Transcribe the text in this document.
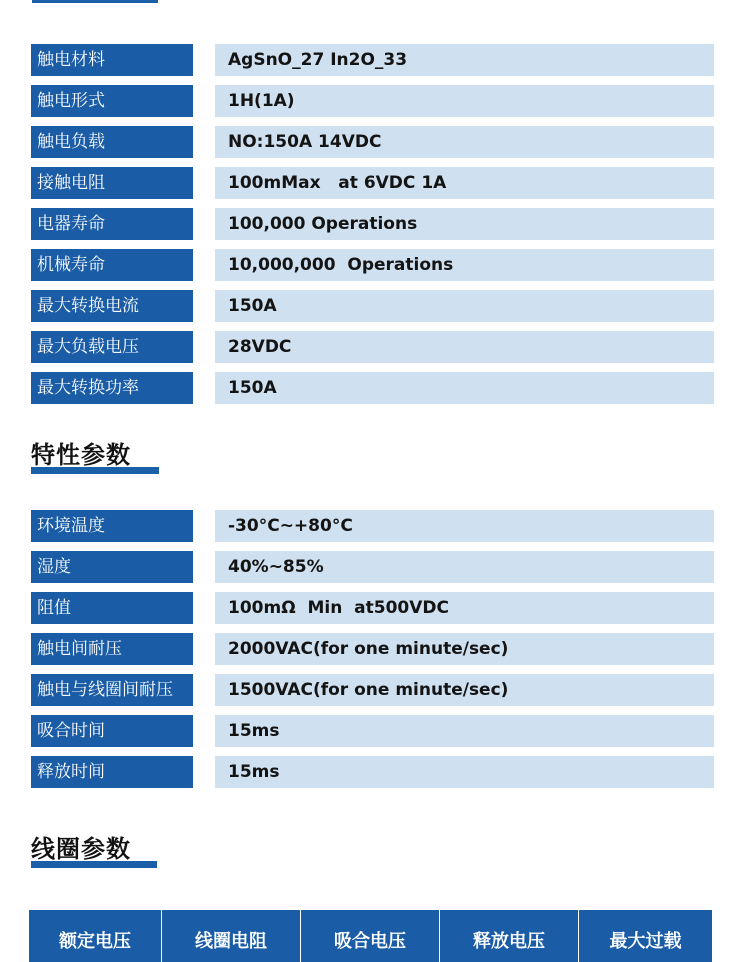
触电材料	AgSnO_27 In2O_33
触电形式	1H(1A)
触电负载	NO:150A 14VDC
接触电阻	100mMax   at 6VDC 1A
电器寿命	100,000 Operations
机械寿命	10,000,000  Operations
最大转换电流	150A
最大负载电压	28VDC
最大转换功率	150A
特性参数
环境温度	-30°C~+80°C
湿度	40%~85%
阻值	100mΩ  Min  at500VDC
触电间耐压	2000VAC(for one minute/sec)
触电与线圈间耐压	1500VAC(for one minute/sec)
吸合时间	15ms
释放时间	15ms
线圈参数
额定电压	线圈电阻	吸合电压	释放电压	最大过载
